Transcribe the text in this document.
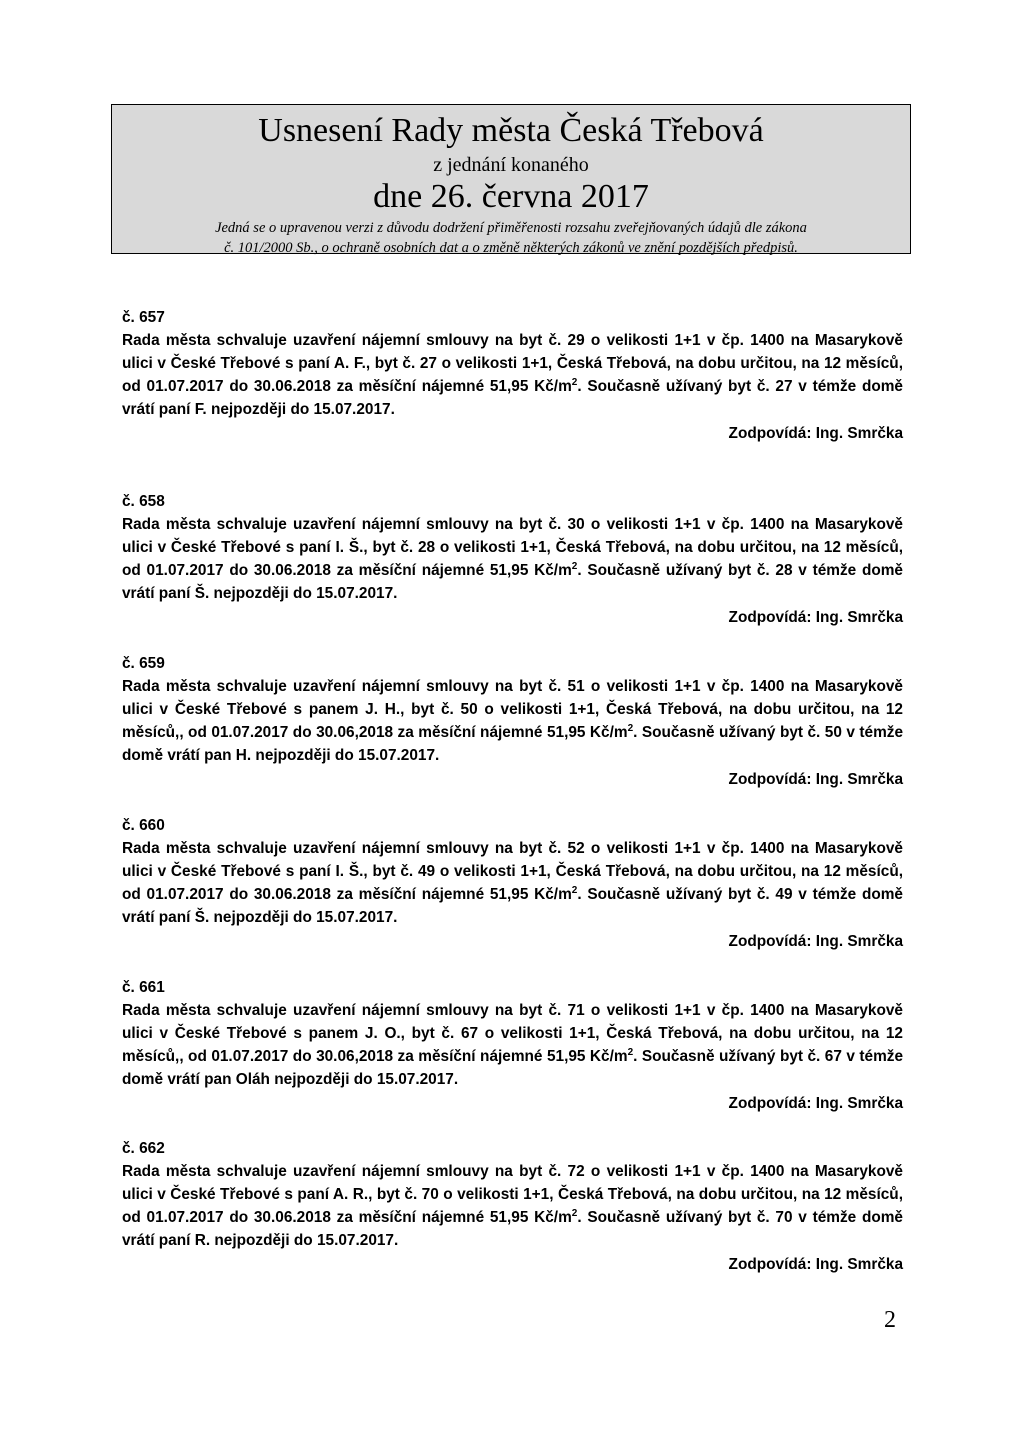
Usnesení Rady města Česká Třebová
z jednání konaného
dne 26. června 2017
Jedná se o upravenou verzi z důvodu dodržení přiměřenosti rozsahu zveřejňovaných údajů dle zákona
č. 101/2000 Sb., o ochraně osobních dat a o změně některých zákonů ve znění pozdějších předpisů.
č. 657
Rada města schvaluje uzavření nájemní smlouvy na byt č. 29 o velikosti 1+1 v čp. 1400 na Masarykově ulici v České Třebové s paní A. F., byt č. 27 o velikosti 1+1, Česká Třebová, na dobu určitou, na 12 měsíců, od 01.07.2017 do 30.06.2018 za měsíční nájemné 51,95 $Kč/m^2$. Současně užívaný byt č. 27 v témže domě vrátí paní F. nejpozději do 15.07.2017.
Zodpovídá: Ing. Smrčka
č. 658
Rada města schvaluje uzavření nájemní smlouvy na byt č. 30 o velikosti 1+1 v čp. 1400 na Masarykově ulici v České Třebové s paní I. Š., byt č. 28 o velikosti 1+1, Česká Třebová, na dobu určitou, na 12 měsíců, od 01.07.2017 do 30.06.2018 za měsíční nájemné 51,95 $Kč/m^2$. Současně užívaný byt č. 28 v témže domě vrátí paní Š. nejpozději do 15.07.2017.
Zodpovídá: Ing. Smrčka
č. 659
Rada města schvaluje uzavření nájemní smlouvy na byt č. 51 o velikosti 1+1 v čp. 1400 na Masarykově ulici v České Třebové s panem J. H., byt č. 50 o velikosti 1+1, Česká Třebová, na dobu určitou, na 12 měsíců,, od 01.07.2017 do 30.06,2018 za měsíční nájemné 51,95 $Kč/m^2$. Současně užívaný byt č. 50 v témže domě vrátí pan H. nejpozději do 15.07.2017.
Zodpovídá: Ing. Smrčka
č. 660
Rada města schvaluje uzavření nájemní smlouvy na byt č. 52 o velikosti 1+1 v čp. 1400 na Masarykově ulici v České Třebové s paní I. Š., byt č. 49 o velikosti 1+1, Česká Třebová, na dobu určitou, na 12 měsíců, od 01.07.2017 do 30.06.2018 za měsíční nájemné 51,95 $Kč/m^2$. Současně užívaný byt č. 49 v témže domě vrátí paní Š. nejpozději do 15.07.2017.
Zodpovídá: Ing. Smrčka
č. 661
Rada města schvaluje uzavření nájemní smlouvy na byt č. 71 o velikosti 1+1 v čp. 1400 na Masarykově ulici v České Třebové s panem J. O., byt č. 67 o velikosti 1+1, Česká Třebová, na dobu určitou, na 12 měsíců,, od 01.07.2017 do 30.06,2018 za měsíční nájemné 51,95 $Kč/m^2$. Současně užívaný byt č. 67 v témže domě vrátí pan Oláh nejpozději do 15.07.2017.
Zodpovídá: Ing. Smrčka
č. 662
Rada města schvaluje uzavření nájemní smlouvy na byt č. 72 o velikosti 1+1 v čp. 1400 na Masarykově ulici v České Třebové s paní A. R., byt č. 70 o velikosti 1+1, Česká Třebová, na dobu určitou, na 12 měsíců, od 01.07.2017 do 30.06.2018 za měsíční nájemné 51,95 $Kč/m^2$. Současně užívaný byt č. 70 v témže domě vrátí paní R. nejpozději do 15.07.2017.
Zodpovídá: Ing. Smrčka
2
